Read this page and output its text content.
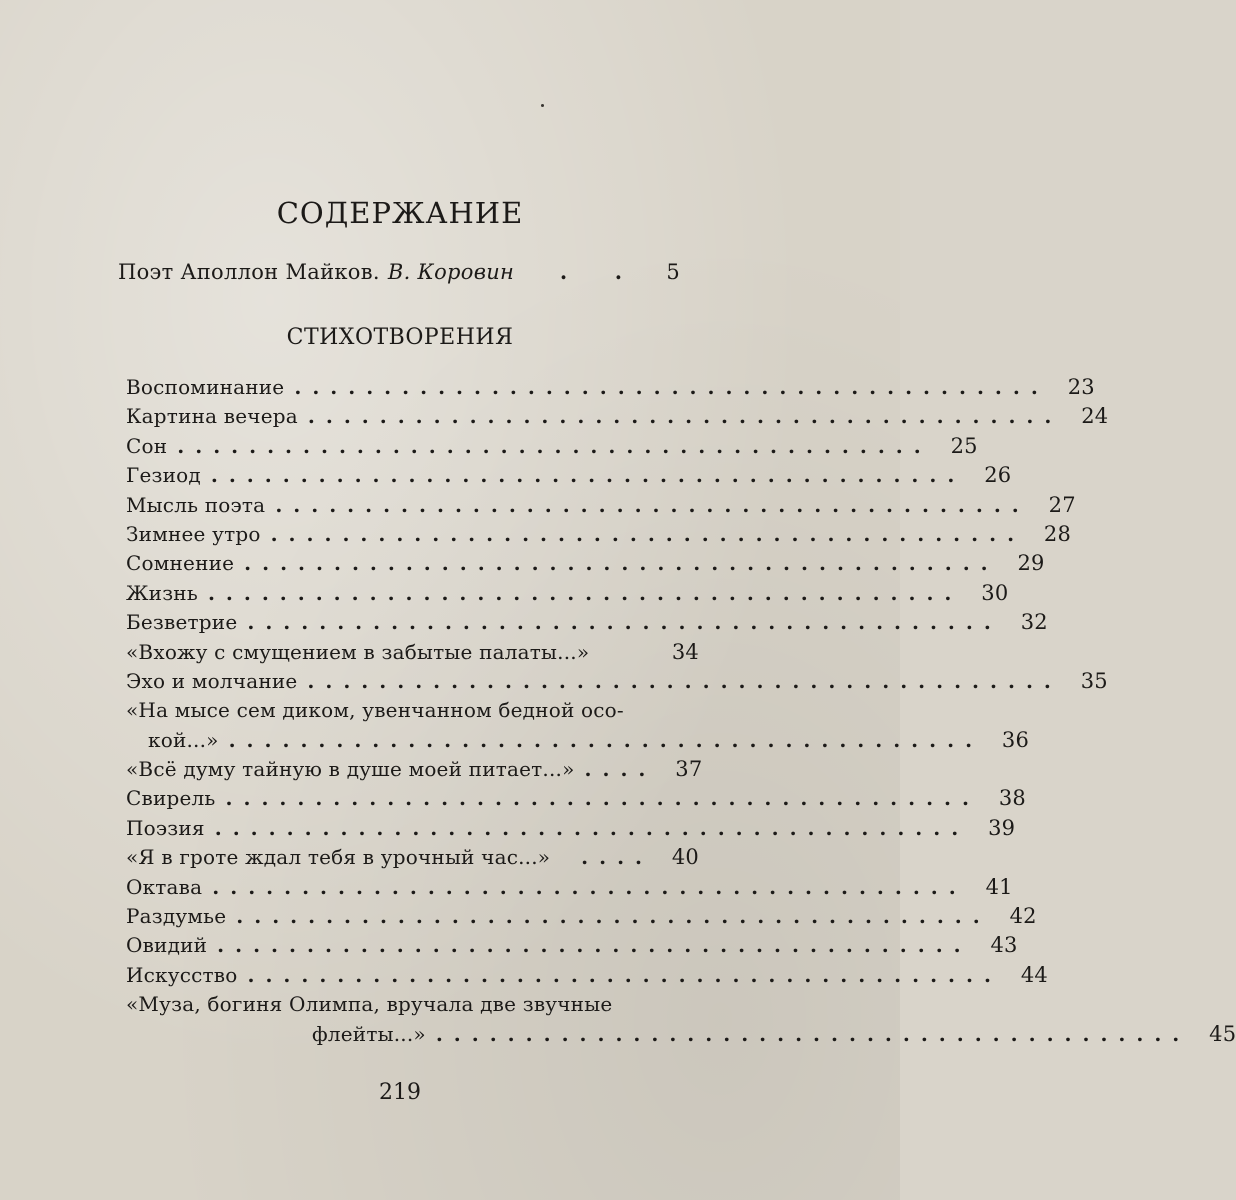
СОДЕРЖАНИЕ
Поэт Аполлон Майков. В. Коровин . .	5
СТИХОТВОРЕНИЯ
Воспоминание .......................................... 23
Картина вечера .......................................... 24
Сон .......................................... 25
Гезиод .......................................... 26
Мысль поэта .......................................... 27
Зимнее утро .......................................... 28
Сомнение .......................................... 29
Жизнь .......................................... 30
Безветрие .......................................... 32
«Вхожу с смущением в забытые палаты...»	34
Эхо и молчание .......................................... 35
«На мысе сем диком, увенчанном бедной осо-
кой...» .......................................... 36
«Всё думу тайную в душе моей питает...» .... 37
Свирель .......................................... 38
Поэзия .......................................... 39
«Я в гроте ждал тебя в урочный час...»	.... 40
Октава .......................................... 41
Раздумье .......................................... 42
Овидий .......................................... 43
Искусство .......................................... 44
«Муза, богиня Олимпа, вручала две звучные
флейты...» .......................................... 45
219
